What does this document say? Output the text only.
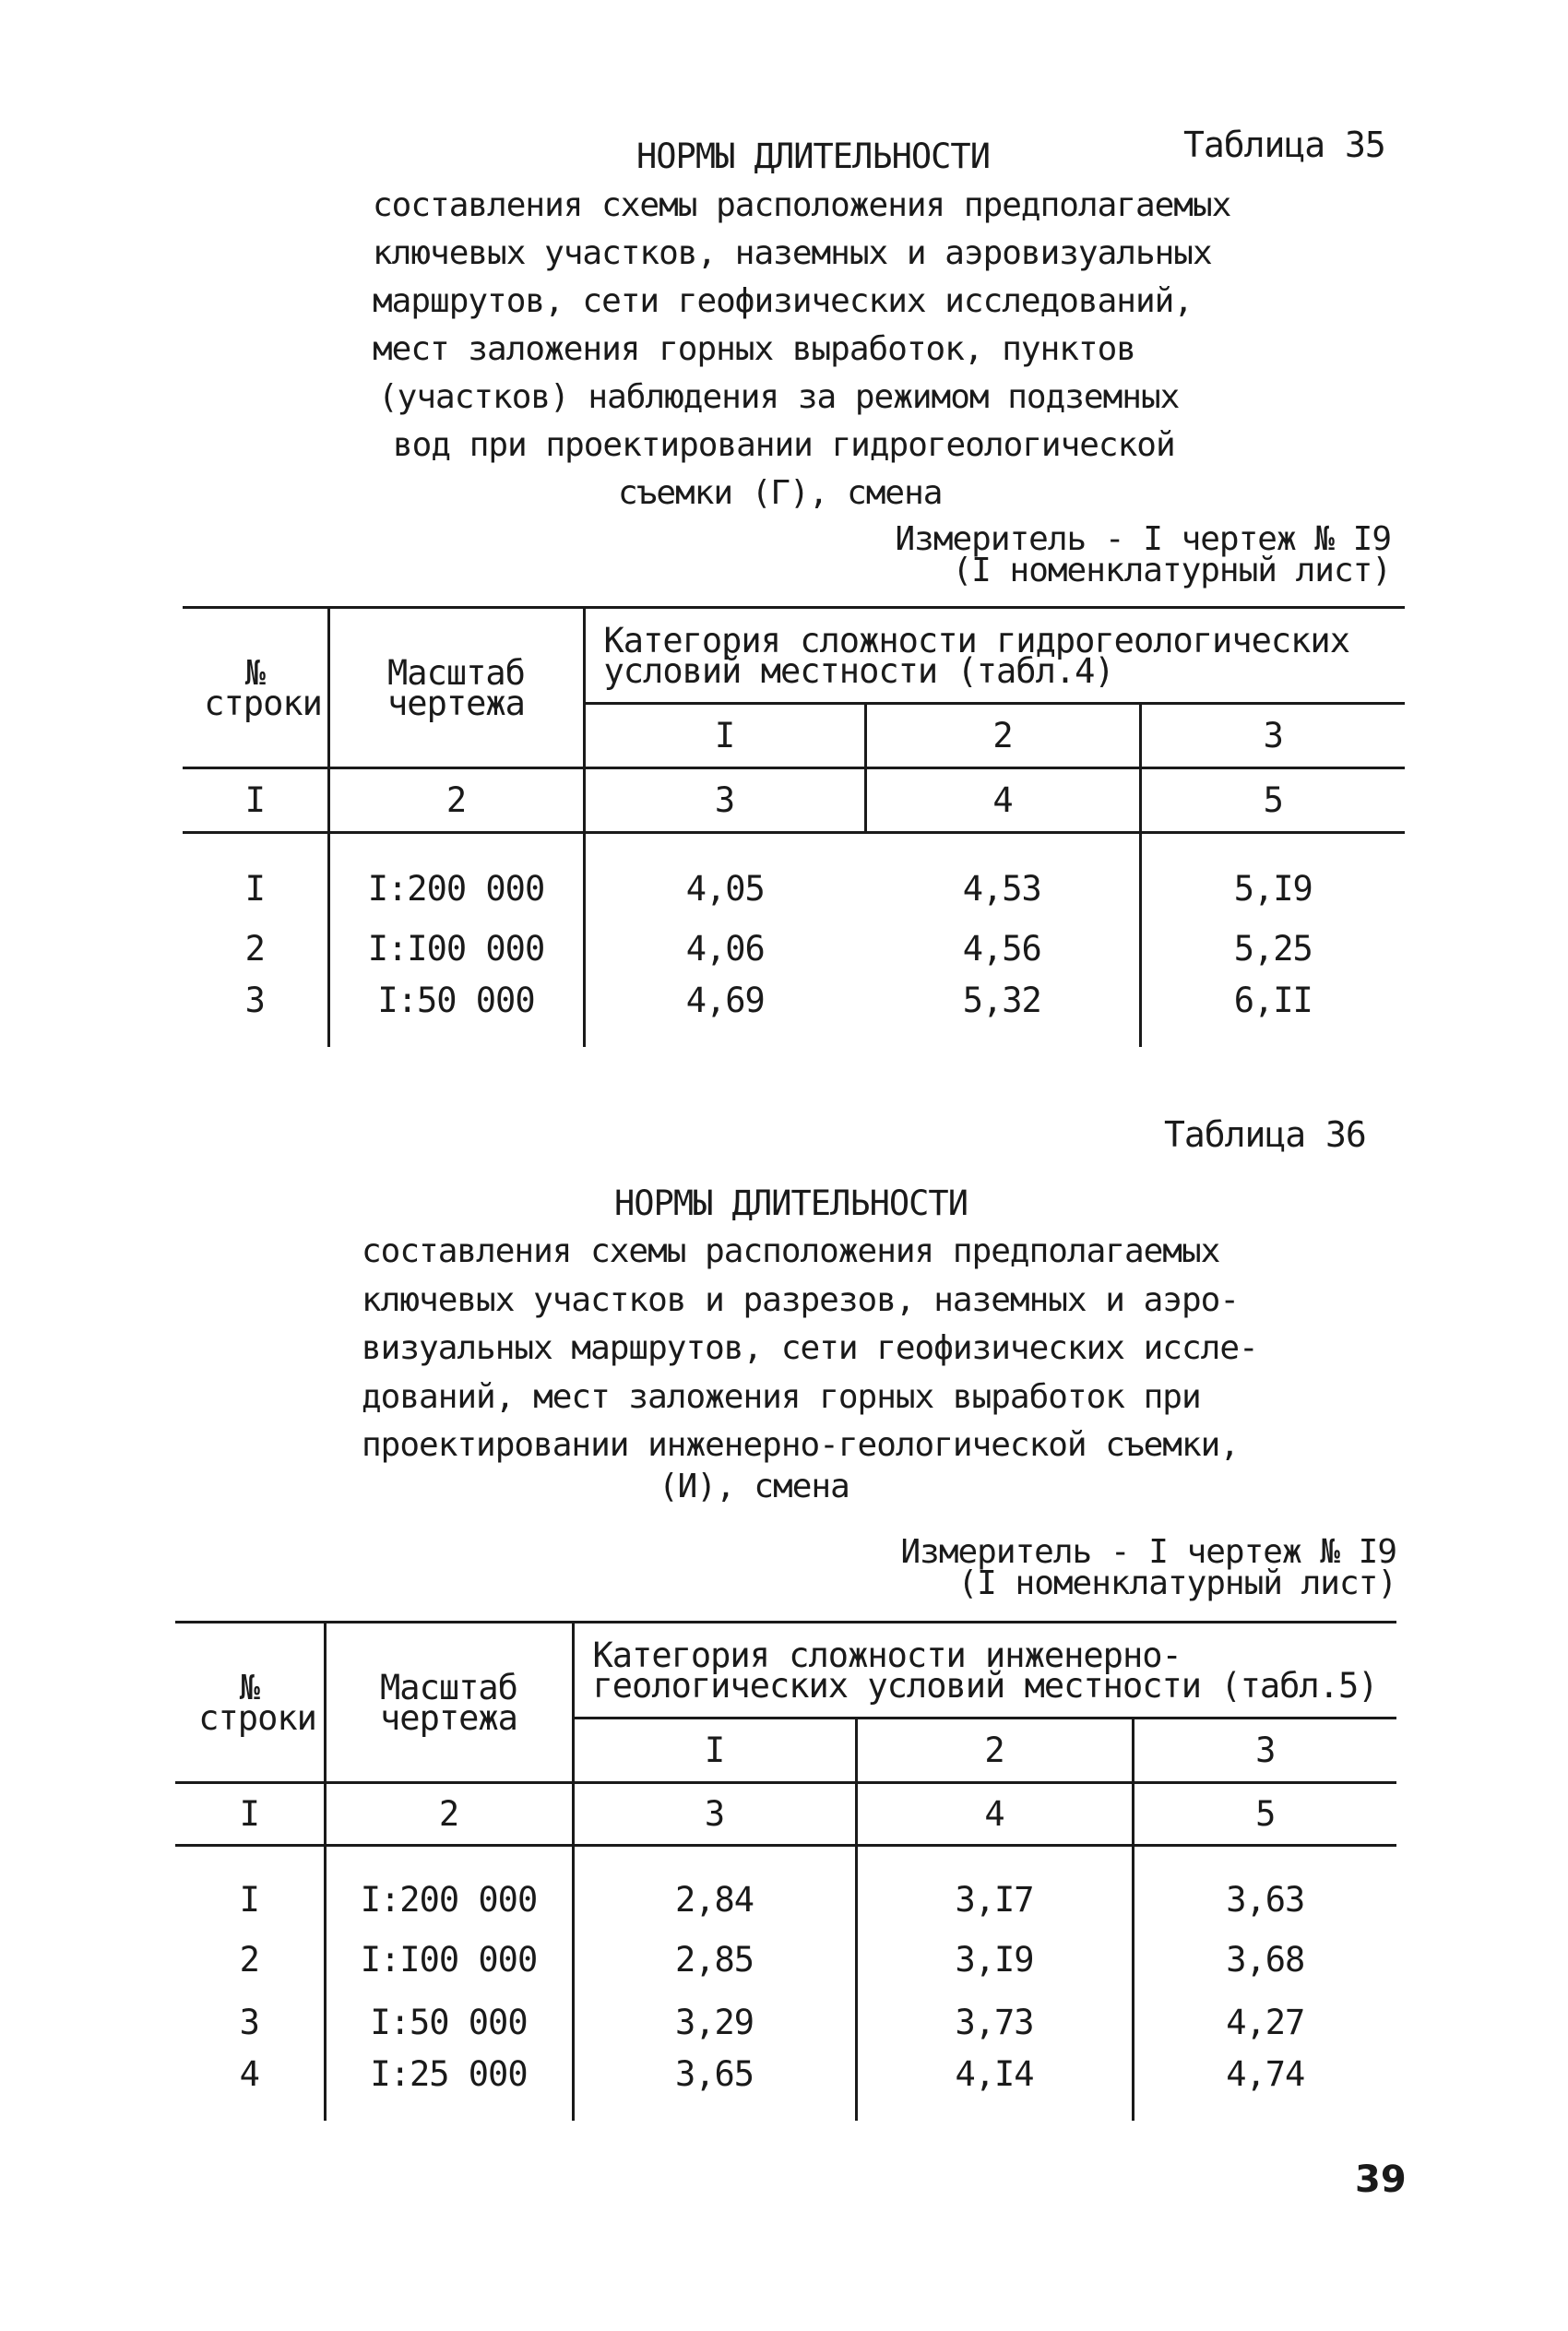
НОРМЫ ДЛИТЕЛЬНОСТИ	Таблица 35
составления схемы расположения предполагаемых
ключевых участков, наземных и аэровизуальных
маршрутов, сети геофизических исследований,
мест заложения горных выработок, пунктов
(участков) наблюдения за режимом подземных
вод при проектировании гидрогеологической
съемки (Г), смена
Измеритель - I чертеж № I9
(I номенклатурный лист)
№ строки	Масштаб чертежа	Категория сложности гидрогеологических условий местности (табл.4)		

		I	2	3
I	2	3	4	5
I	I:200 000	4,05	4,53	5,I9
2	I:I00 000	4,06	4,56	5,25
3	I:50 000	4,69	5,32	6,II
Таблица 36
НОРМЫ ДЛИТЕЛЬНОСТИ
составления схемы расположения предполагаемых
ключевых участков и разрезов, наземных и аэро-
визуальных маршрутов, сети геофизических иссле-
дований, мест заложения горных выработок при
проектировании инженерно-геологической съемки,
(И), смена
Измеритель - I чертеж № I9
(I номенклатурный лист)
№ строки	Масштаб чертежа	Категория сложности инженерно-геологических условий местности (табл.5)		

		I	2	3
I	2	3	4	5
I	I:200 000	2,84	3,I7	3,63
2	I:I00 000	2,85	3,I9	3,68
3	I:50 000	3,29	3,73	4,27
4	I:25 000	3,65	4,I4	4,74
39
